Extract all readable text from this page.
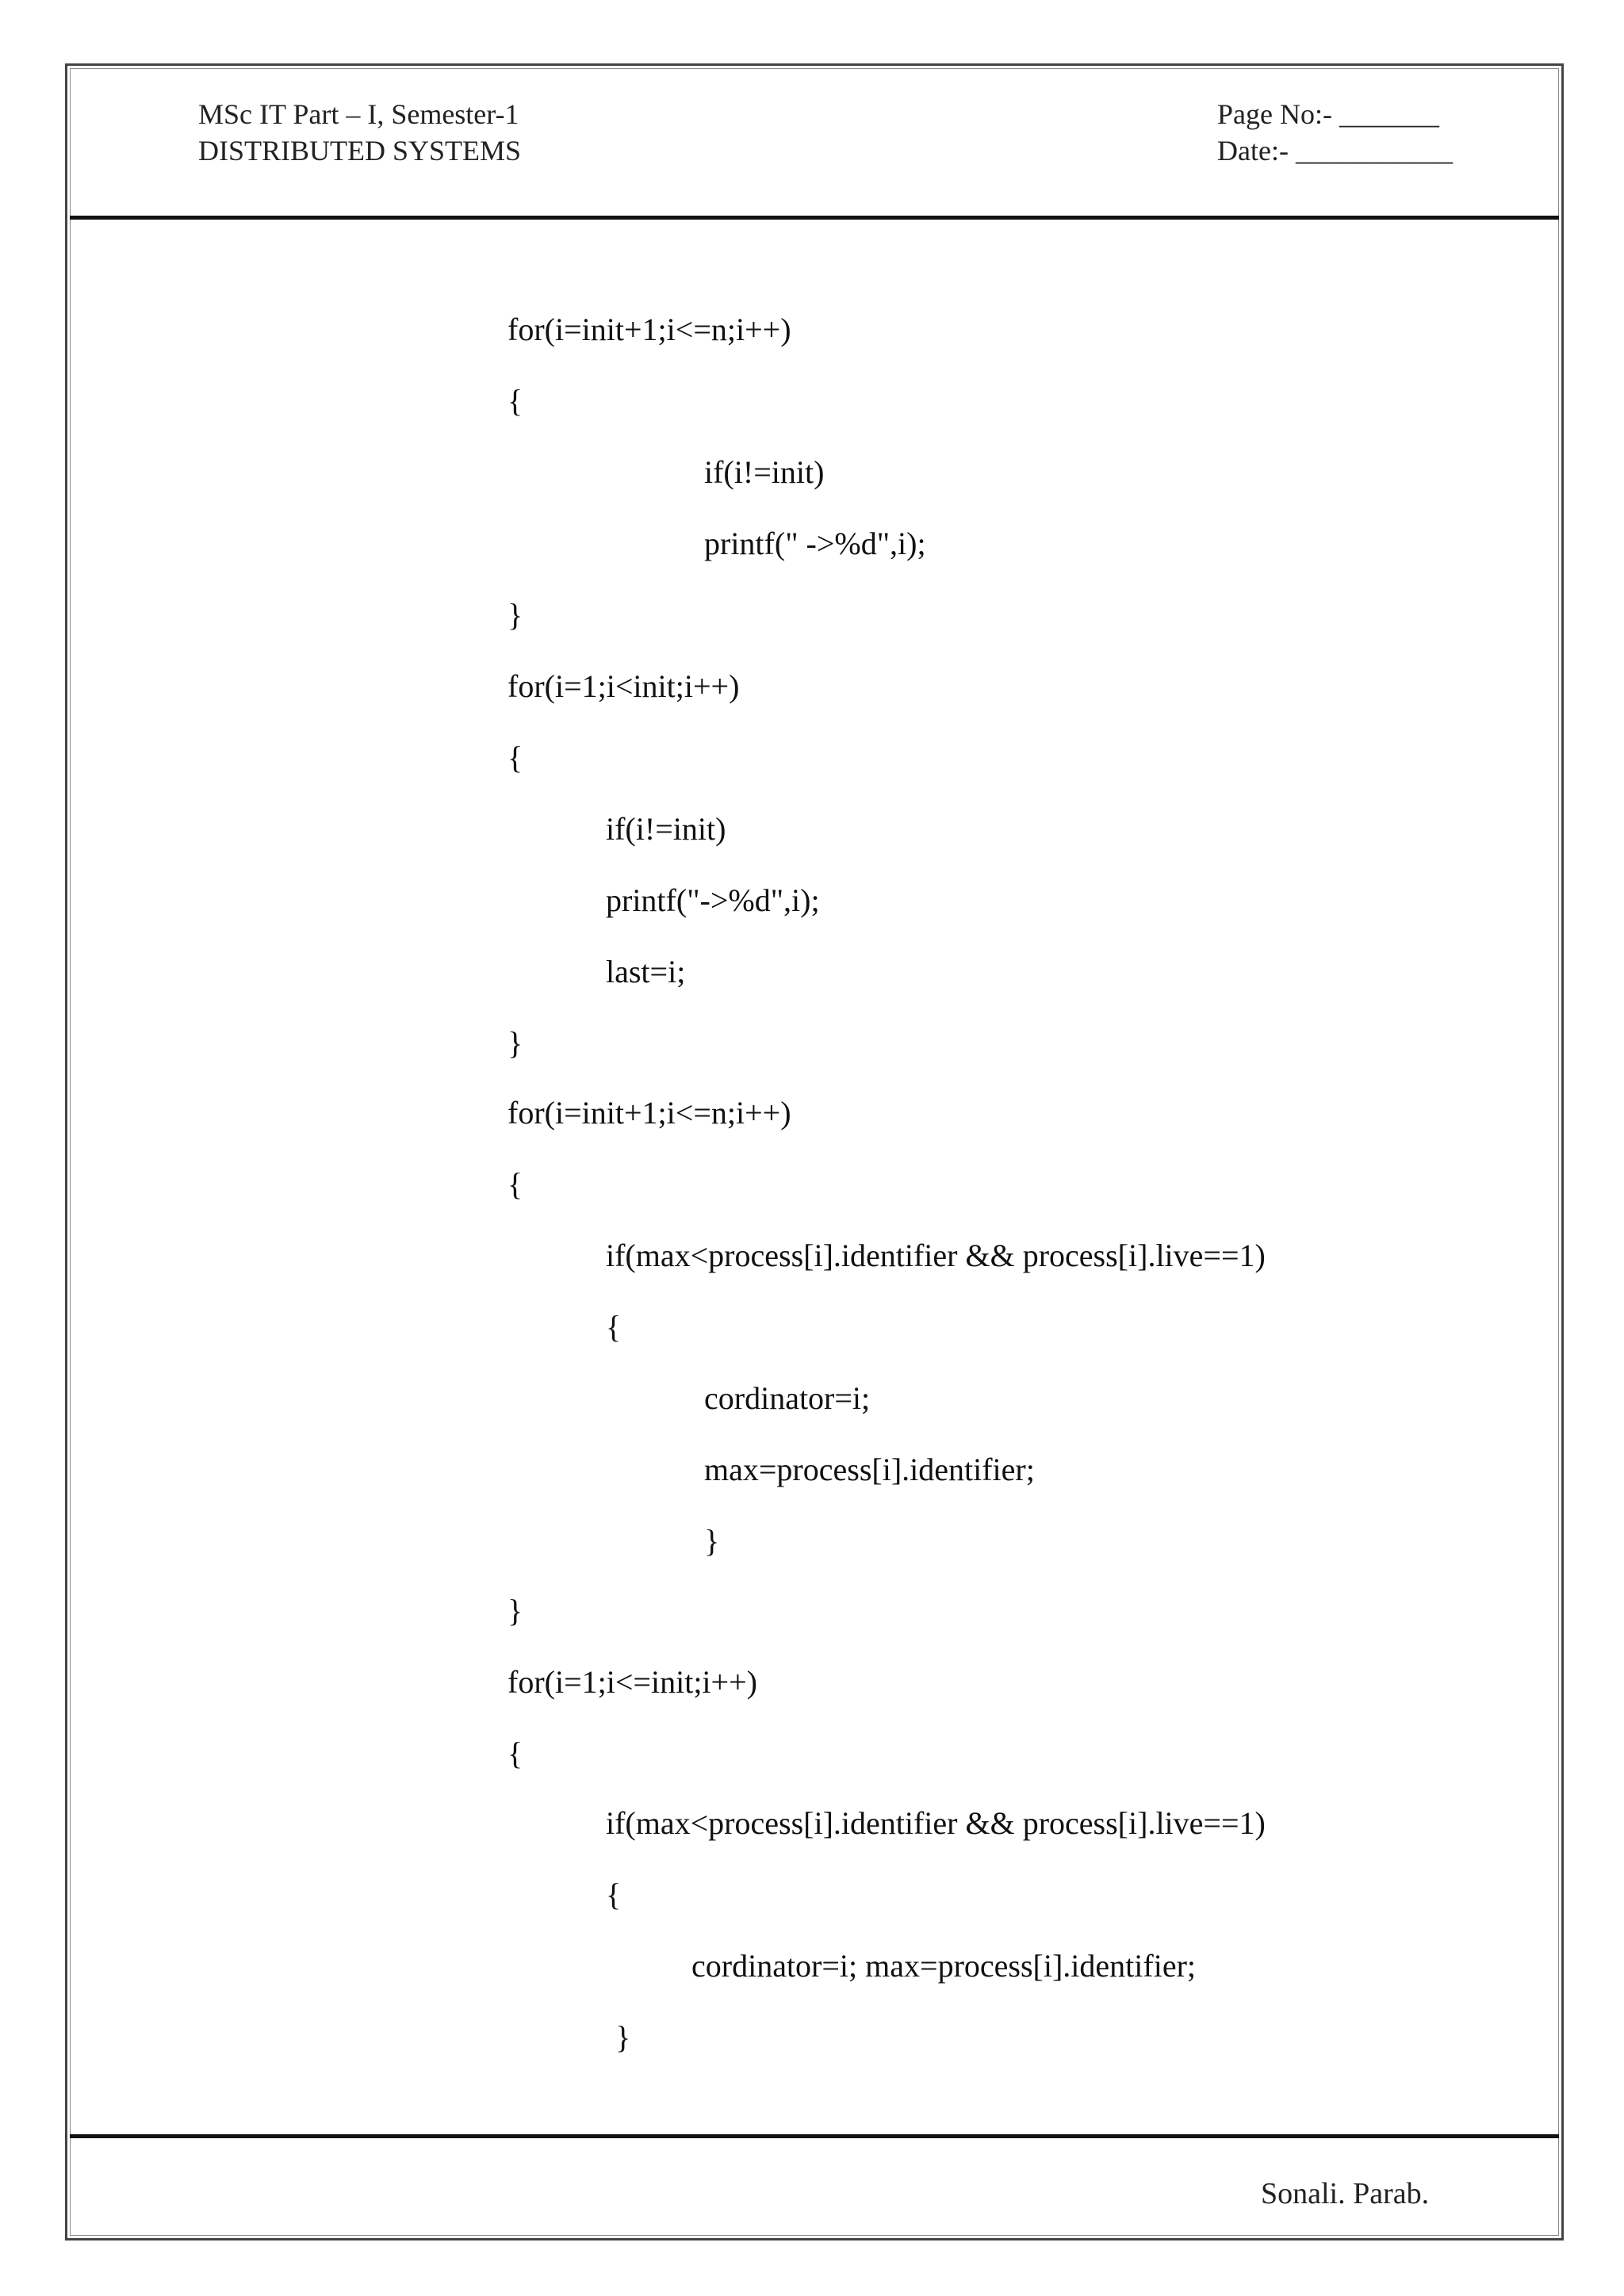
MSc IT Part – I, Semester-1
DISTRIBUTED SYSTEMS
Page No:- _______
Date:- ___________
for(i=init+1;i<=n;i++)
{
if(i!=init)
printf(" ->%d",i);
}
for(i=1;i<init;i++)
{
if(i!=init)
printf("->%d",i);
last=i;
}
for(i=init+1;i<=n;i++)
{
if(max<process[i].identifier && process[i].live==1)
{
cordinator=i;
max=process[i].identifier;
}
}
for(i=1;i<=init;i++)
{
if(max<process[i].identifier && process[i].live==1)
{
cordinator=i; max=process[i].identifier;
}
Sonali. Parab.
